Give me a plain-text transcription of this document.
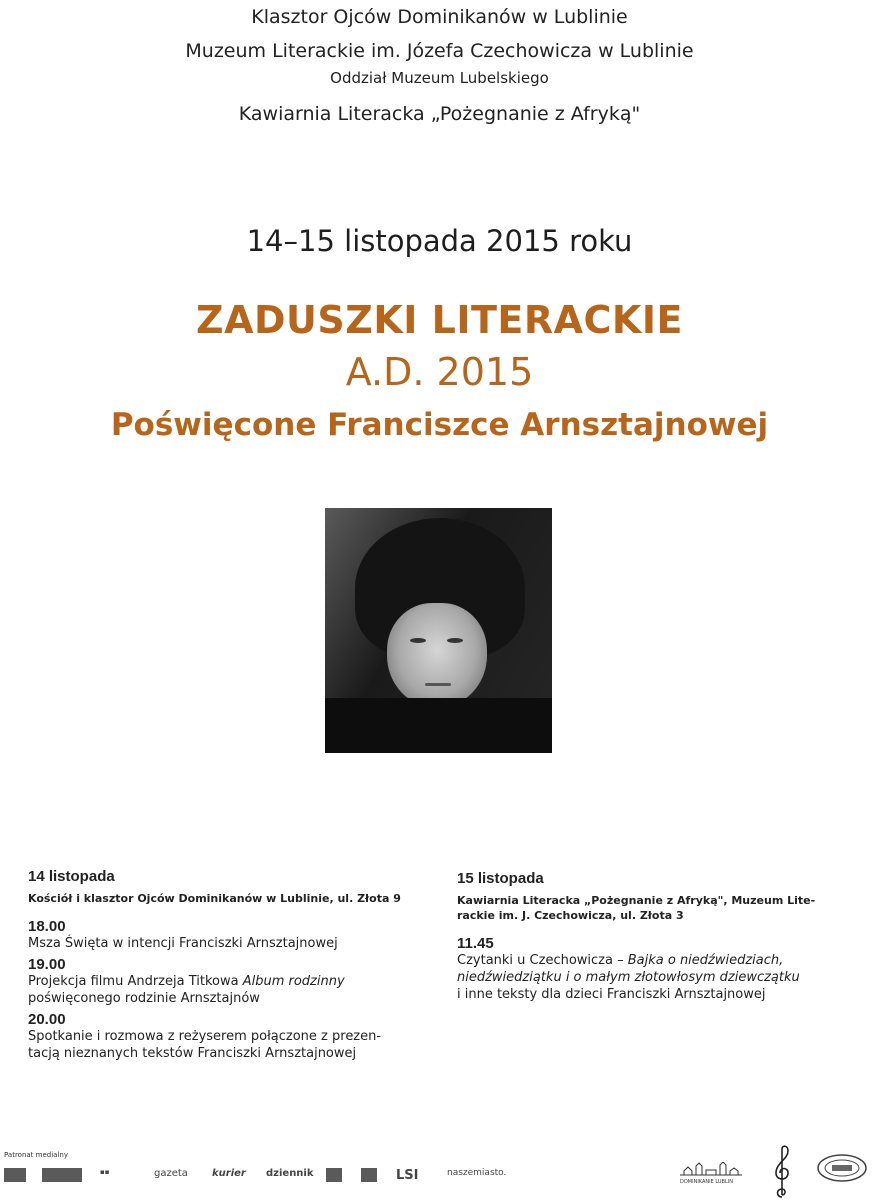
Klasztor Ojców Dominikanów w Lublinie
Muzeum Literackie im. Józefa Czechowicza w Lublinie
Oddział Muzeum Lubelskiego
Kawiarnia Literacka „Pożegnanie z Afryką"
14–15 listopada 2015 roku
ZADUSZKI LITERACKIE
A.D. 2015
Poświęcone Franciszce Arnsztajnowej
14 listopada
Kościół i klasztor Ojców Dominikanów w Lublinie, ul. Złota 9
18.00
Msza Święta w intencji Franciszki Arnsztajnowej
19.00
Projekcja filmu Andrzeja Titkowa Album rodzinny
poświęconego rodzinie Arnsztajnów
20.00
Spotkanie i rozmowa z reżyserem połączone z prezen-
tacją nieznanych tekstów Franciszki Arnsztajnowej
15 listopada
Kawiarnia Literacka „Pożegnanie z Afryką", Muzeum Lite-
rackie im. J. Czechowicza, ul. Złota 3
11.45
Czytanki u Czechowicza – Bajka o niedźwiedziach,
niedźwiedziątku i o małym złotowłosym dziewczątku
i inne teksty dla dzieci Franciszki Arnsztajnowej
Patronat medialny
▪▪	gazeta kurier dziennik	LSI	naszemiasto.
DOMINIKANIE LUBLIN
